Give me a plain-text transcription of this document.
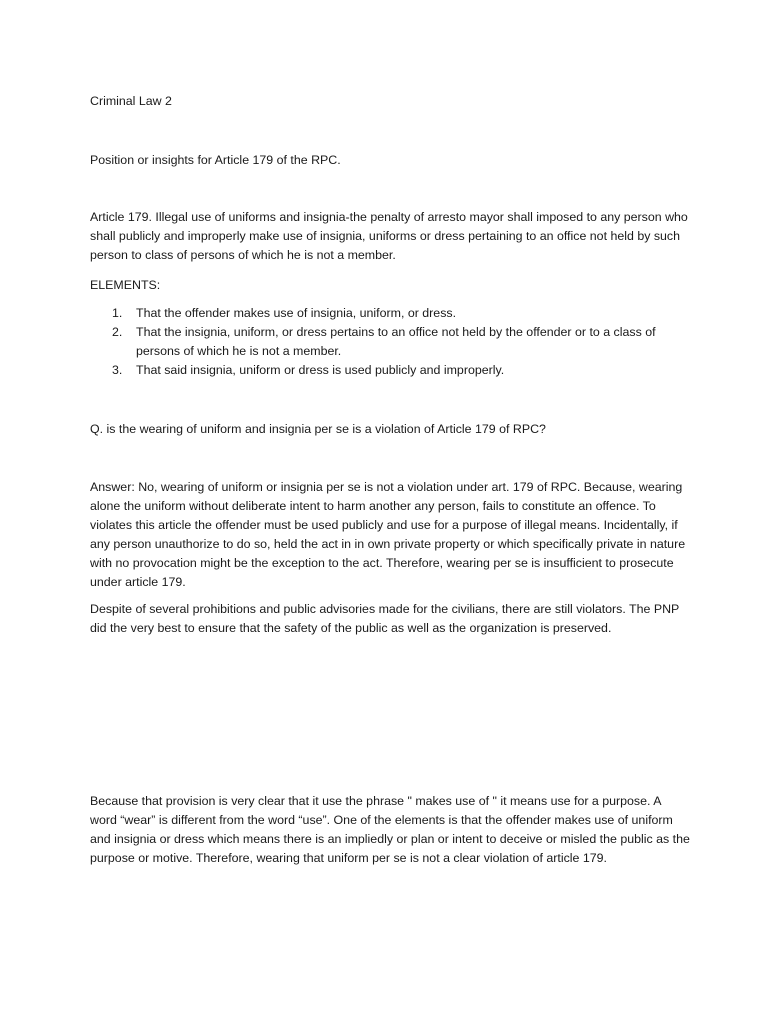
Criminal Law 2

Position or insights for Article 179 of the RPC.

Article 179. Illegal use of uniforms and insignia-the penalty of arresto mayor shall imposed to any person who shall publicly and improperly make use of insignia, uniforms or dress pertaining to an office not held by such person to class of persons of which he is not a member.

ELEMENTS:

1. That the offender makes use of insignia, uniform, or dress.
2. That the insignia, uniform, or dress pertains to an office not held by the offender or to a class of persons of which he is not a member.
3. That said insignia, uniform or dress is used publicly and improperly.

Q. is the wearing of uniform and insignia per se is a violation of Article 179 of RPC?

Answer: No, wearing of uniform or insignia per se is not a violation under art. 179 of RPC. Because, wearing alone the uniform without deliberate intent to harm another any person, fails to constitute an offence. To violates this article the offender must be used publicly and use for a purpose of illegal means. Incidentally, if any person unauthorize to do so, held the act in in own private property or which specifically private in nature with no provocation might be the exception to the act. Therefore, wearing per se is insufficient to prosecute under article 179.

Despite of several prohibitions and public advisories made for the civilians, there are still violators. The PNP did the very best to ensure that the safety of the public as well as the organization is preserved.

Because that provision is very clear that it use the phrase " makes use of " it means use for a purpose. A word “wear” is different from the word “use”. One of the elements is that the offender makes use of uniform and insignia or dress which means there is an impliedly or plan or intent to deceive or misled the public as the purpose or motive. Therefore, wearing that uniform per se is not a clear violation of article 179.
